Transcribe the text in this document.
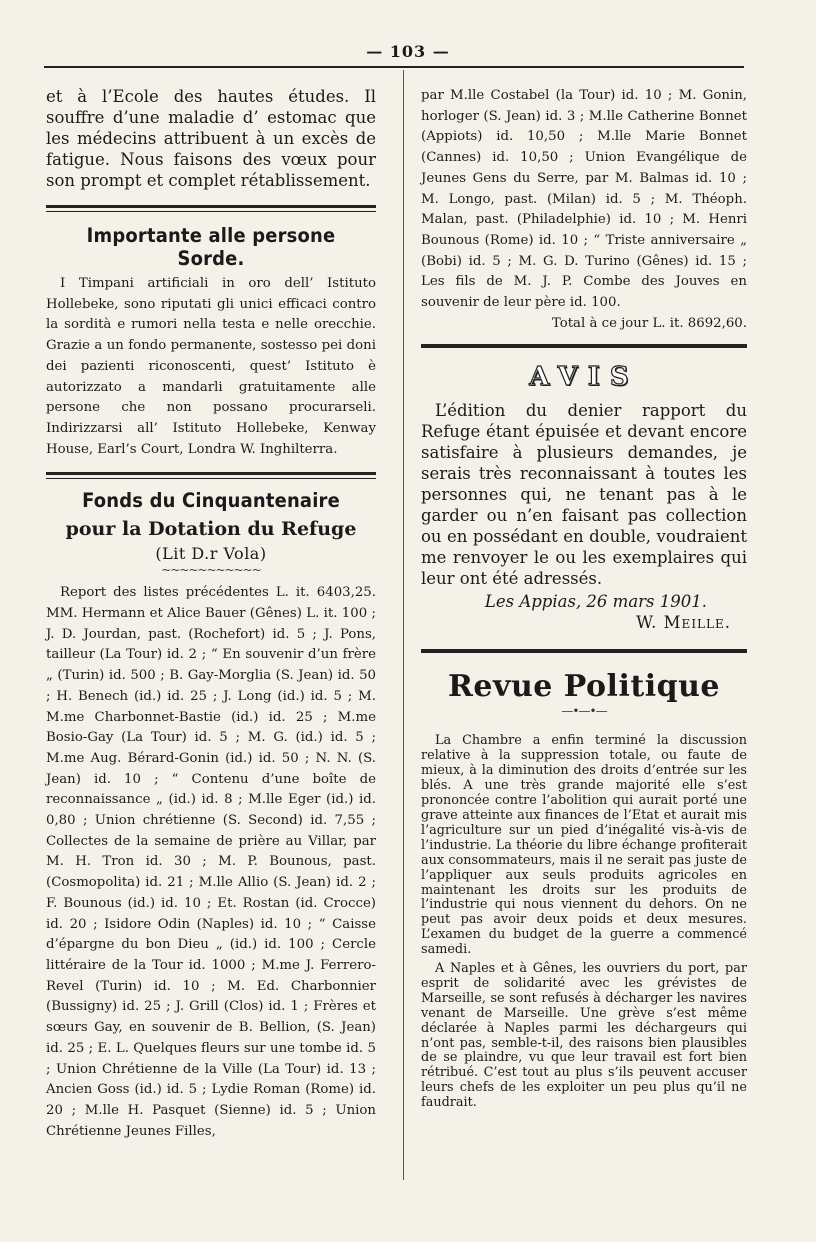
— 103 —

et à l’Ecole des hautes études. Il souffre d’une maladie d’ estomac que les médecins attribuent à un excès de fatigue. Nous faisons des vœux pour son prompt et complet rétablissement.

Importante alle persone Sorde.

I Timpani artificiali in oro dell’ Istituto Hollebeke, sono riputati gli unici efficaci contro la sordità e rumori nella testa e nelle orecchie. Grazie a un fondo permanente, sostesso pei doni dei pazienti riconoscenti, quest’ Istituto è autorizzato a mandarli gratuitamente alle persone che non possano procurarseli. Indirizzarsi all’ Istituto Hollebeke, Kenway House, Earl’s Court, Londra W. Inghilterra.

Fonds du Cinquantenaire

pour la Dotation du Refuge

(Lit D.r Vola)

~~~~~~~~~~~

Report des listes précédentes L. it. 6403,25. MM. Hermann et Alice Bauer (Gênes) L. it. 100 ; J. D. Jourdan, past. (Rochefort) id. 5 ; J. Pons, tailleur (La Tour) id. 2 ; “ En souvenir d’un frère „ (Turin) id. 500 ; B. Gay-Morglia (S. Jean) id. 50 ; H. Benech (id.) id. 25 ; J. Long (id.) id. 5 ; M. M.me Charbonnet-Bastie (id.) id. 25 ; M.me Bosio-Gay (La Tour) id. 5 ; M. G. (id.) id. 5 ; M.me Aug. Bérard-Gonin (id.) id. 50 ; N. N. (S. Jean) id. 10 ; “ Contenu d’une boîte de reconnaissance „ (id.) id. 8 ; M.lle Eger (id.) id. 0,80 ; Union chrétienne (S. Second) id. 7,55 ; Collectes de la semaine de prière au Villar, par M. H. Tron id. 30 ; M. P. Bounous, past. (Cosmopolita) id. 21 ; M.lle Allio (S. Jean) id. 2 ; F. Bounous (id.) id. 10 ; Et. Rostan (id. Crocce) id. 20 ; Isidore Odin (Naples) id. 10 ; “ Caisse d’épargne du bon Dieu „ (id.) id. 100 ; Cercle littéraire de la Tour id. 1000 ; M.me J. Ferrero-Revel (Turin) id. 10 ; M. Ed. Charbonnier (Bussigny) id. 25 ; J. Grill (Clos) id. 1 ; Frères et sœurs Gay, en souvenir de B. Bellion, (S. Jean) id. 25 ; E. L. Quelques fleurs sur une tombe id. 5 ; Union Chrétienne de la Ville (La Tour) id. 13 ; Ancien Goss (id.) id. 5 ; Lydie Roman (Rome) id. 20 ; M.lle H. Pasquet (Sienne) id. 5 ; Union Chrétienne Jeunes Filles,

par M.lle Costabel (la Tour) id. 10 ; M. Gonin, horloger (S. Jean) id. 3 ; M.lle Catherine Bonnet (Appiots) id. 10,50 ; M.lle Marie Bonnet (Cannes) id. 10,50 ; Union Evangélique de Jeunes Gens du Serre, par M. Balmas id. 10 ; M. Longo, past. (Milan) id. 5 ; M. Théoph. Malan, past. (Philadelphie) id. 10 ; M. Henri Bounous (Rome) id. 10 ; “ Triste anniversaire „ (Bobi) id. 5 ; M. G. D. Turino (Gênes) id. 15 ; Les fils de M. J. P. Combe des Jouves en souvenir de leur père id. 100.

Total à ce jour L. it. 8692,60.

AVIS

L’édition du denier rapport du Refuge étant épuisée et devant encore satisfaire à plusieurs demandes, je serais très reconnaissant à toutes les personnes qui, ne tenant pas à le garder ou n’en faisant pas collection ou en possédant en double, voudraient me renvoyer le ou les exemplaires qui leur ont été adressés.

Les Appias, 26 mars 1901.

W. Meille.

Revue Politique

—•—•—

La Chambre a enfin terminé la discussion relative à la suppression totale, ou faute de mieux, à la diminution des droits d’entrée sur les blés. A une très grande majorité elle s’est prononcée contre l’abolition qui aurait porté une grave atteinte aux finances de l’Etat et aurait mis l’agriculture sur un pied d’inégalité vis-à-vis de l’industrie. La théorie du libre échange profiterait aux consommateurs, mais il ne serait pas juste de l’appliquer aux seuls produits agricoles en maintenant les droits sur les produits de l’industrie qui nous viennent du dehors. On ne peut pas avoir deux poids et deux mesures. L’examen du budget de la guerre a commencé samedi.

A Naples et à Gênes, les ouvriers du port, par esprit de solidarité avec les grévistes de Marseille, se sont refusés à décharger les navires venant de Marseille. Une grève s’est même déclarée à Naples parmi les déchargeurs qui n’ont pas, semble-t-il, des raisons bien plausibles de se plaindre, vu que leur travail est fort bien rétribué. C’est tout au plus s’ils peuvent accuser leurs chefs de les exploiter un peu plus qu’il ne faudrait.
